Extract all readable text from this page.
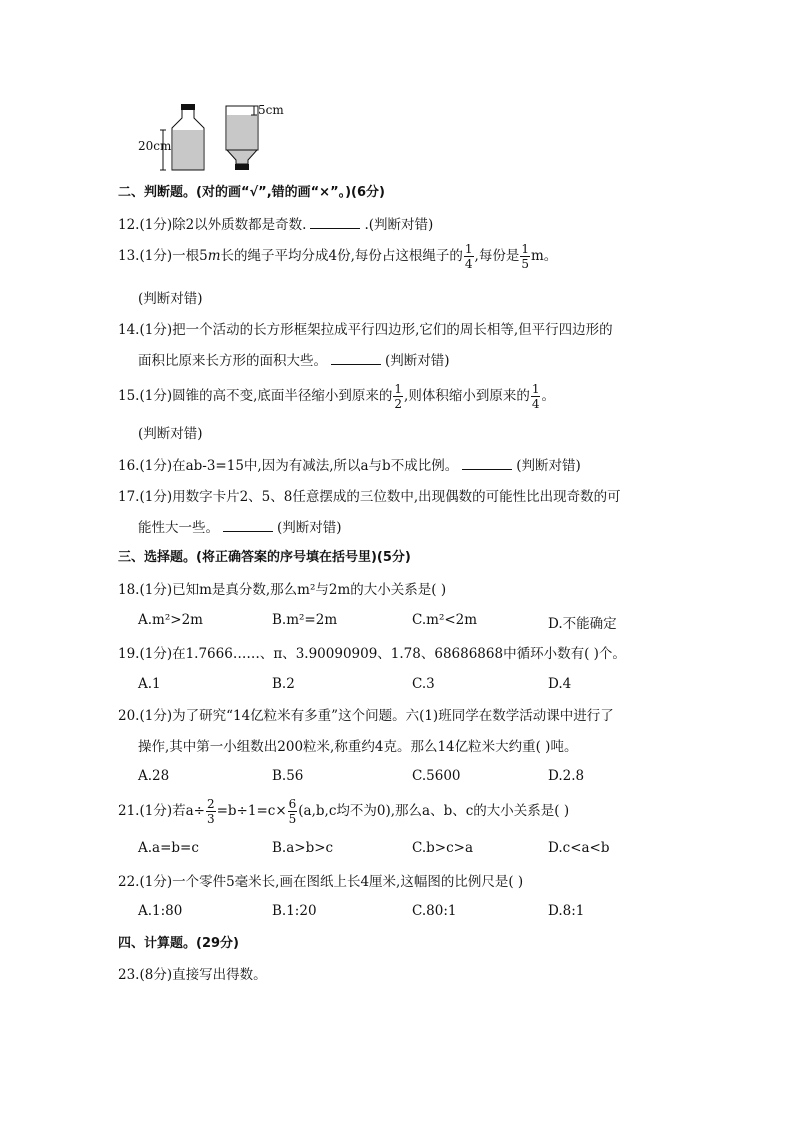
20cm
5cm
二、判断题。(对的画“√”,错的画“×”。)(6分)
12.(1分)除2以外质数都是奇数.	.(判断对错)
13.(1分)一根5m长的绳子平均分成4份,每份占这根绳子的 $\frac{1}{4}$ ,每份是 $\frac{1}{5}$ m。
(判断对错)
14.(1分)把一个活动的长方形框架拉成平行四边形,它们的周长相等,但平行四边形的
面积比原来长方形的面积大些。	(判断对错)
15.(1分)圆锥的高不变,底面半径缩小到原来的 $\frac{1}{2}$ ,则体积缩小到原来的 $\frac{1}{4}$ 。
(判断对错)
16.(1分)在ab-3=15中,因为有减法,所以a与b不成比例。	(判断对错)
17.(1分)用数字卡片2、5、8任意摆成的三位数中,出现偶数的可能性比出现奇数的可
能性大一些。	(判断对错)
三、选择题。(将正确答案的序号填在括号里)(5分)
18.(1分)已知m是真分数,那么m²与2m的大小关系是( )
A.m²>2m	B.m²=2m	C.m²<2m	D.不能确定
19.(1分)在1.7666……、π、3.90090909、1.78、68686868中循环小数有( )个。
A.1	B.2	C.3	D.4
20.(1分)为了研究“14亿粒米有多重”这个问题。六(1)班同学在数学活动课中进行了
操作,其中第一小组数出200粒米,称重约4克。那么14亿粒米大约重( )吨。
A.28	B.56	C.5600	D.2.8
21.(1分)若$a\div \frac{2}{3} =b\div 1=c\times \frac{6}{5} (a,b,c$均不为0),那么a、b、c的大小关系是( )
A.a=b=c	B.a>b>c	C.b>c>a	D.c<a<b
22.(1分)一个零件5毫米长,画在图纸上长4厘米,这幅图的比例尺是( )
A.1:80	B.1:20	C.80:1	D.8:1
四、计算题。(29分)
23.(8分)直接写出得数。
